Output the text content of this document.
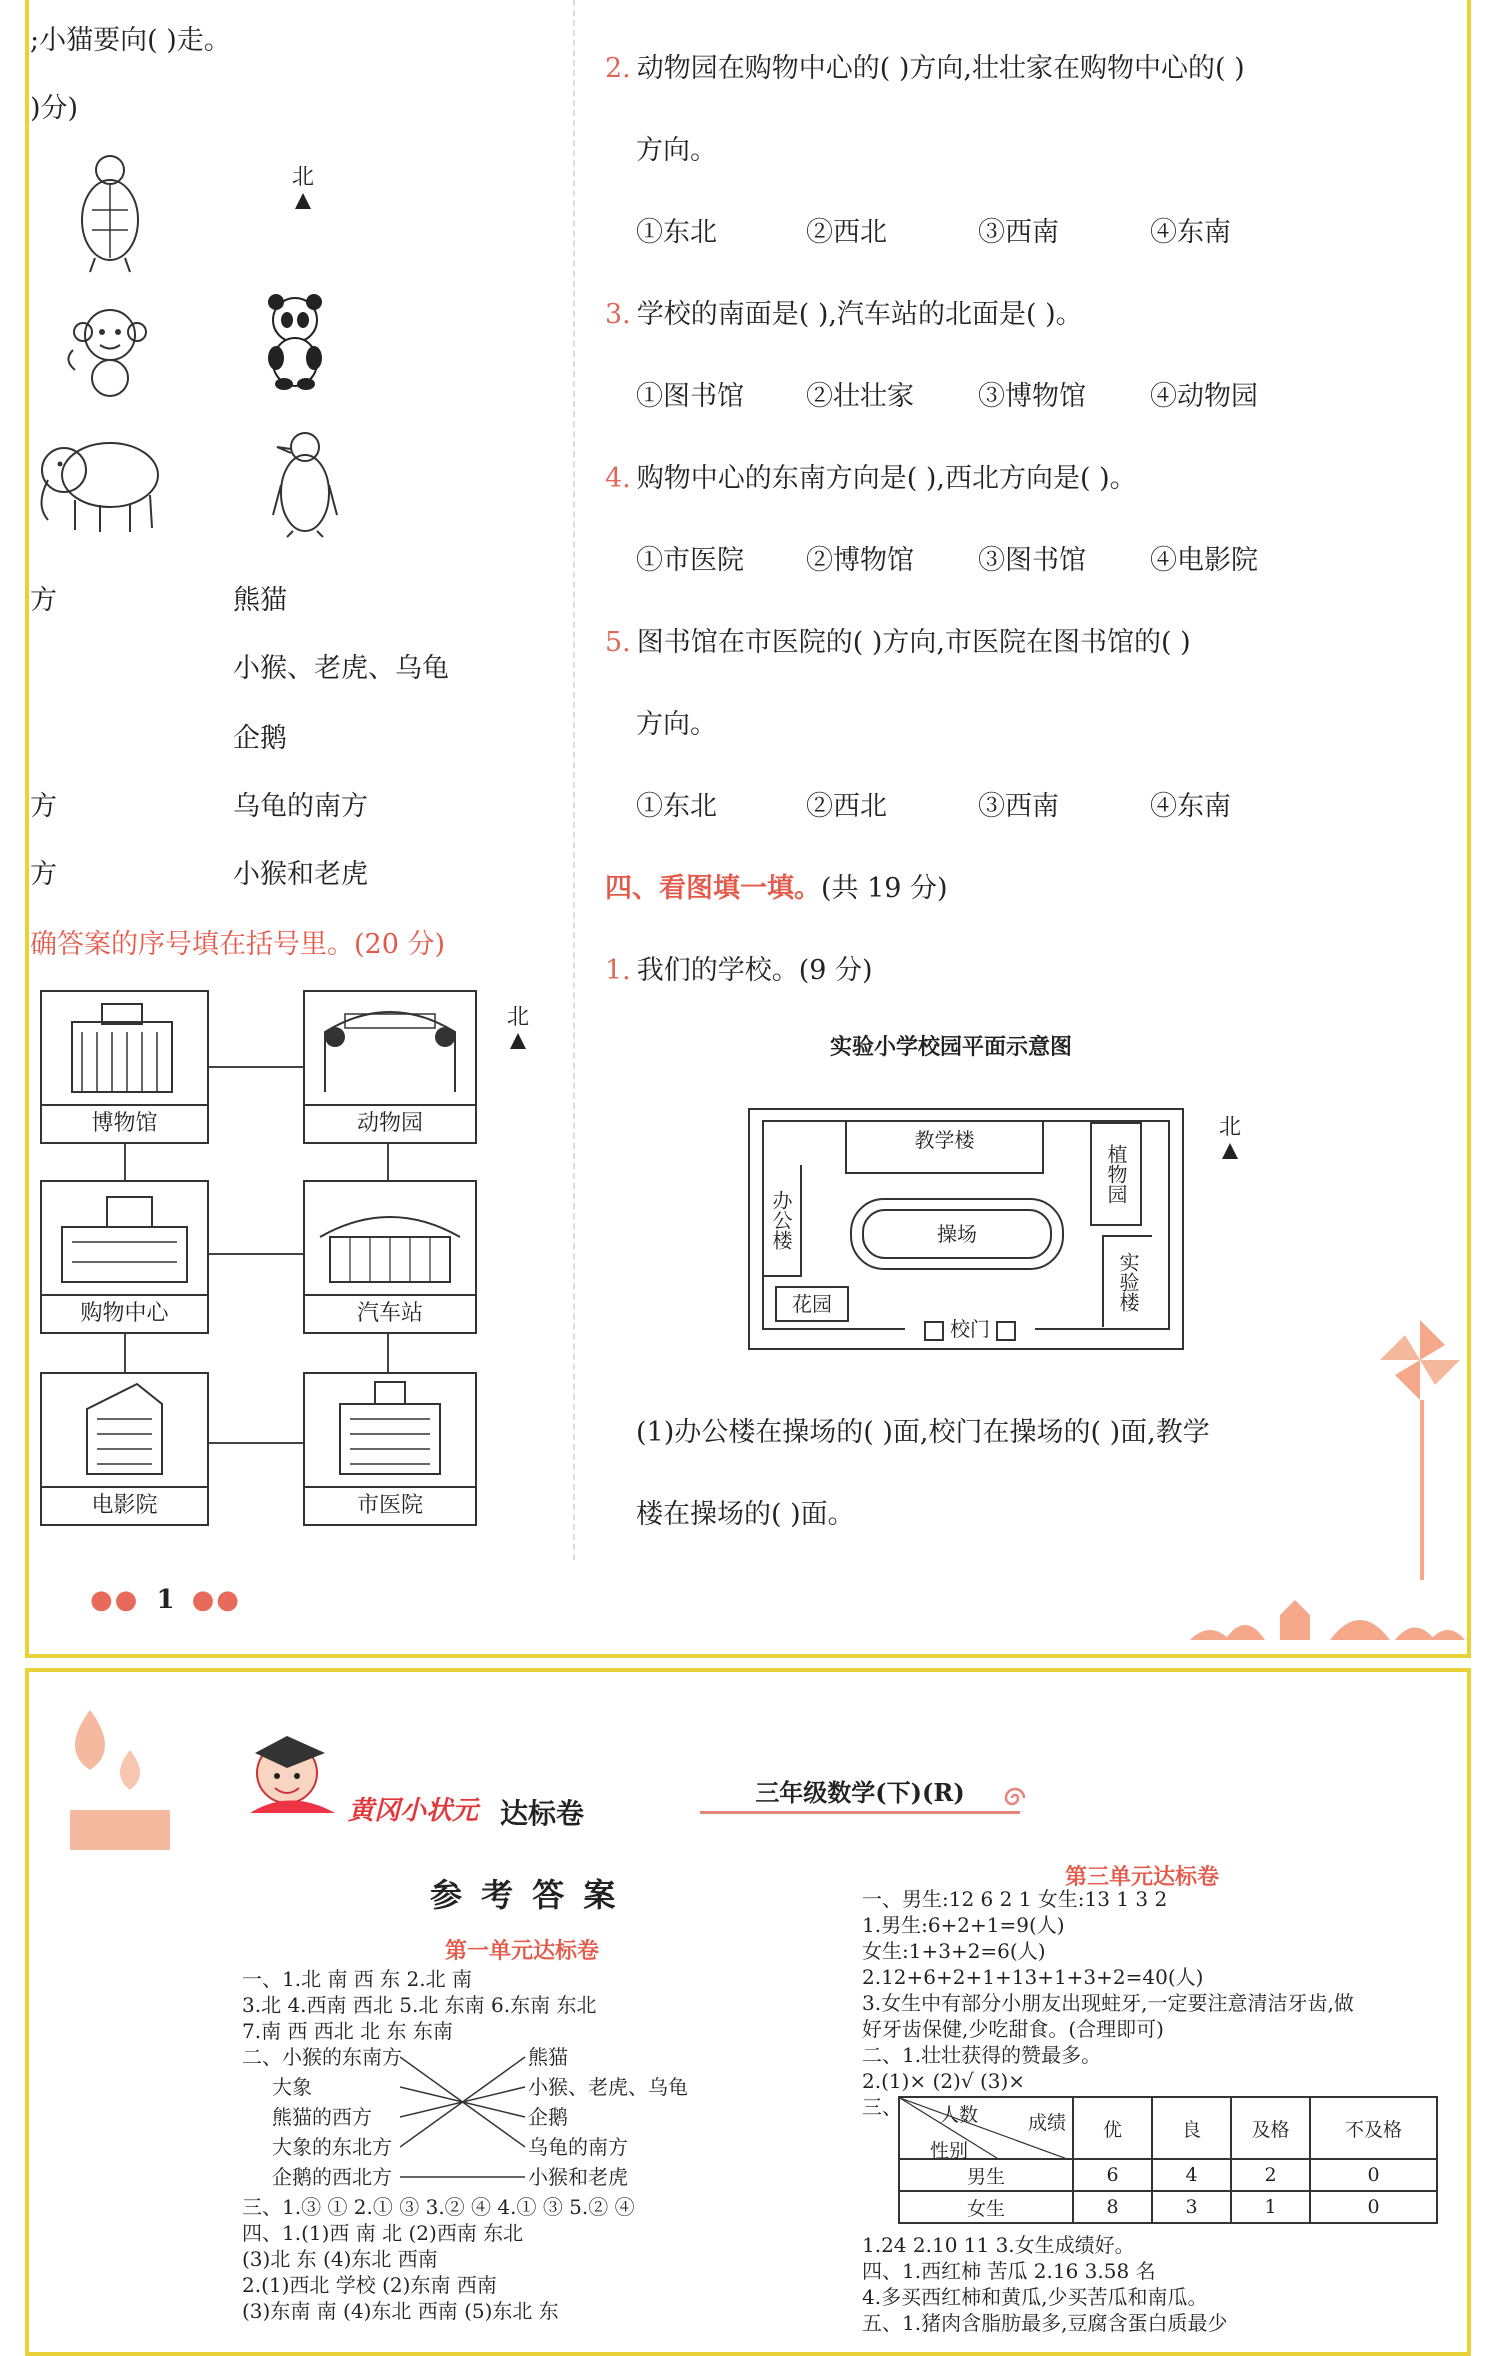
;小猫要向( )走。
)分)
北
方	熊猫
小猴、老虎、乌龟
企鹅
方	乌龟的南方
方	小猴和老虎
确答案的序号填在括号里。(20 分)
北
博物馆	动物园
购物中心	汽车站
电影院	市医院
●● 1 ●●
2. 动物园在购物中心的( )方向,壮壮家在购物中心的( )
方向。
①东北	②西北	③西南	④东南
3. 学校的南面是( ),汽车站的北面是( )。
①图书馆 ②壮壮家 ③博物馆 ④动物园
4. 购物中心的东南方向是( ),西北方向是( )。
①市医院 ②博物馆 ③图书馆 ④电影院
5. 图书馆在市医院的( )方向,市医院在图书馆的( )
方向。
①东北	②西北	③西南	④东南
四、看图填一填。(共 19 分)
1. 我们的学校。(9 分)
实验小学校园平面示意图
教学楼
植物园
办公楼	操场
实验楼
花园
校门
北
(1)办公楼在操场的( )面,校门在操场的( )面,教学
楼在操场的( )面。
黄冈小状元 达标卷
三年级数学(下)(R)
参 考 答 案
第一单元达标卷
一、1.北 南 西 东 2.北 南
3.北 4.西南 西北 5.北 东南 6.东南 东北
7.南 西 西北 北 东 东南
二、小猴的东南方
大象
熊猫的西方
大象的东北方
企鹅的西北方
熊猫
小猴、老虎、乌龟
企鹅
乌龟的南方
小猴和老虎
三、1.③ ① 2.① ③ 3.② ④ 4.① ③ 5.② ④
四、1.(1)西 南 北 (2)西南 东北
(3)北 东 (4)东北 西南
2.(1)西北 学校 (2)东南 西南
(3)东南 南 (4)东北 西南 (5)东北 东
第三单元达标卷
一、男生:12 6 2 1 女生:13 1 3 2
1.男生:6+2+1=9(人)
女生:1+3+2=6(人)
2.12+6+2+1+13+1+3+2=40(人)
3.女生中有部分小朋友出现蛀牙,一定要注意清洁牙齿,做
好牙齿保健,少吃甜食。(合理即可)
二、1.壮壮获得的赞最多。
2.(1)× (2)√ (3)×
三、 人数 成绩
性别	优	良	及格	不及格
男生	6	4	2	0
女生	8	3	1	0
1.24 2.10 11 3.女生成绩好。
四、1.西红柿 苦瓜 2.16 3.58 名
4.多买西红柿和黄瓜,少买苦瓜和南瓜。
五、1.猪肉含脂肪最多,豆腐含蛋白质最少
